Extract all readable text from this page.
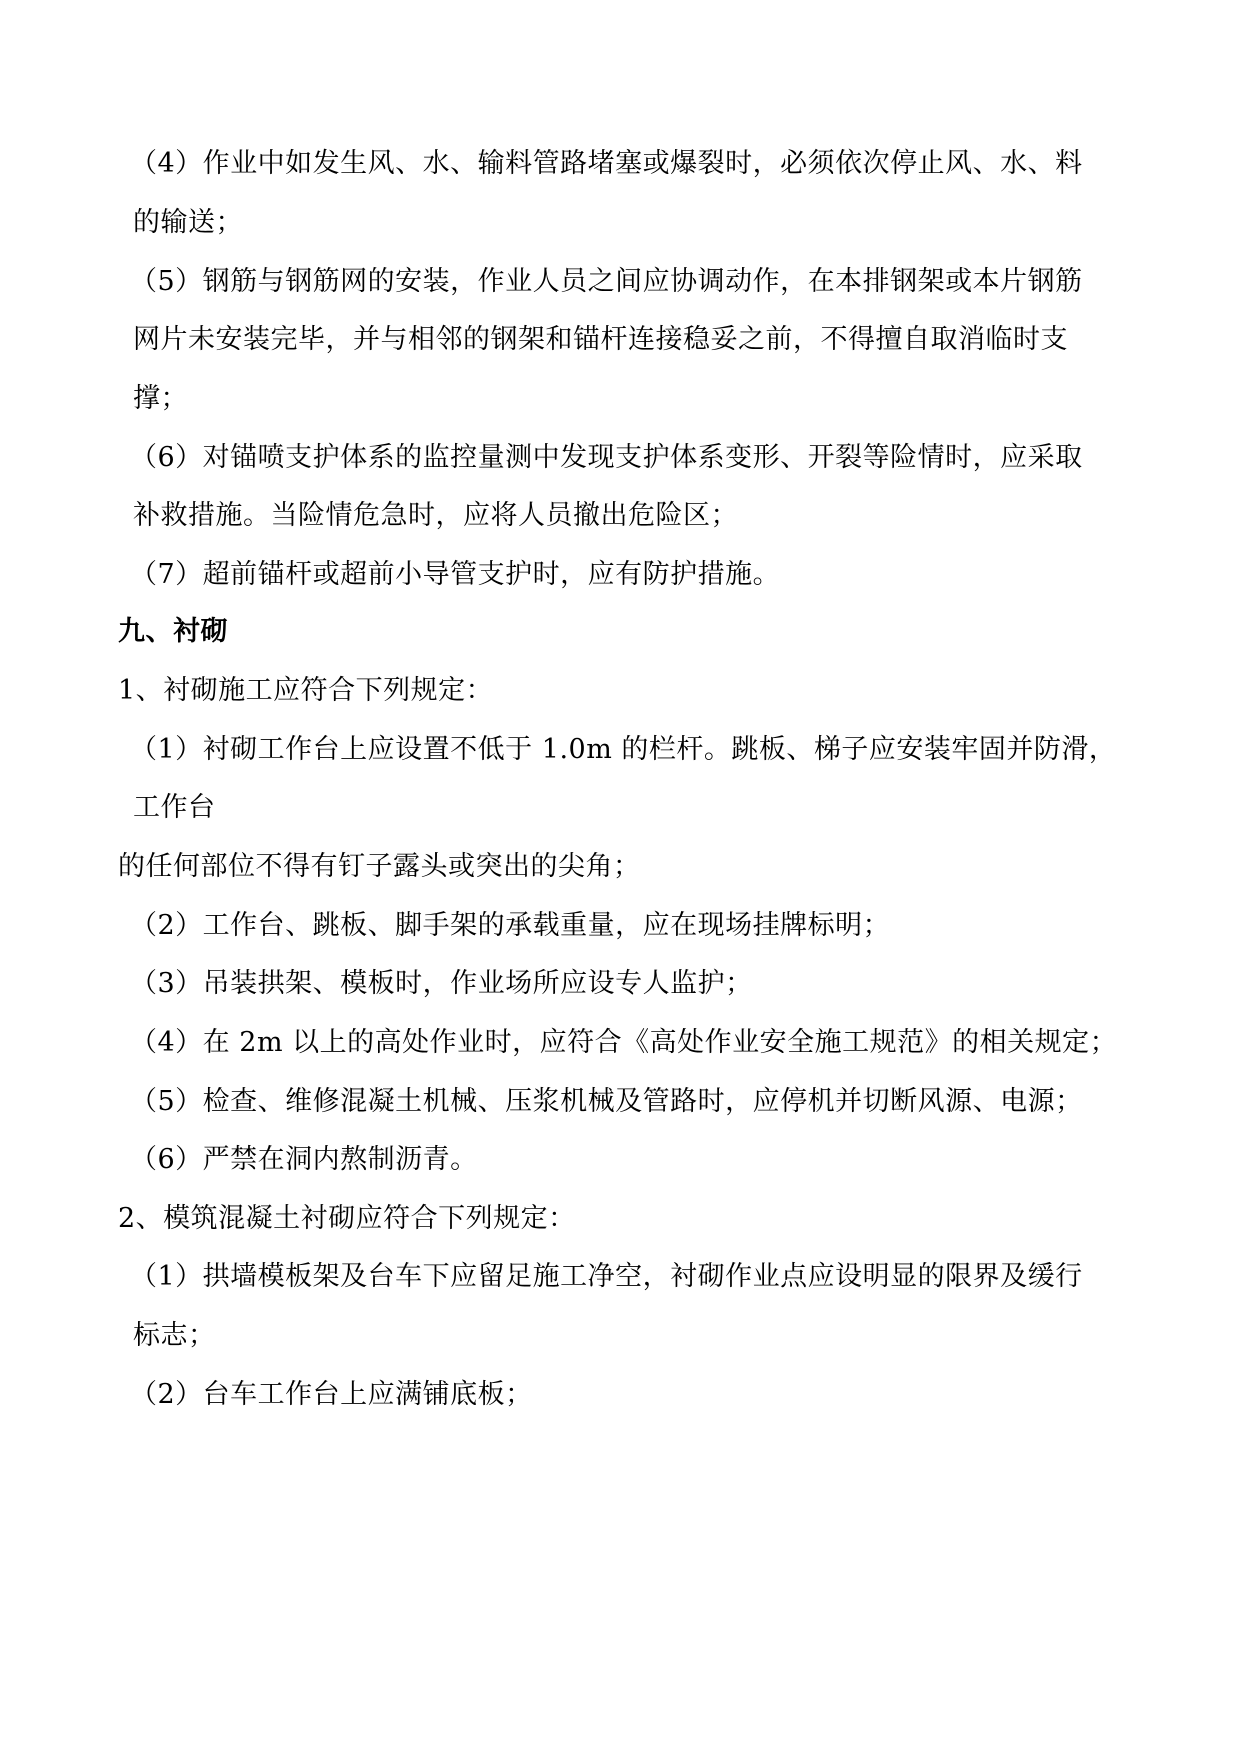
（4）作业中如发生风、水、输料管路堵塞或爆裂时，必须依次停止风、水、料
的输送；
（5）钢筋与钢筋网的安装，作业人员之间应协调动作，在本排钢架或本片钢筋
网片未安装完毕，并与相邻的钢架和锚杆连接稳妥之前，不得擅自取消临时支
撑；
（6）对锚喷支护体系的监控量测中发现支护体系变形、开裂等险情时，应采取
补救措施。当险情危急时，应将人员撤出危险区；
（7）超前锚杆或超前小导管支护时，应有防护措施。
九、衬砌
1、衬砌施工应符合下列规定：
（1）衬砌工作台上应设置不低于 1.0m 的栏杆。跳板、梯子应安装牢固并防滑，
工作台
的任何部位不得有钉子露头或突出的尖角；
（2）工作台、跳板、脚手架的承载重量，应在现场挂牌标明；
（3）吊装拱架、模板时，作业场所应设专人监护；
（4）在 2m 以上的高处作业时，应符合《高处作业安全施工规范》的相关规定；
（5）检查、维修混凝土机械、压浆机械及管路时，应停机并切断风源、电源；
（6）严禁在洞内熬制沥青。
2、模筑混凝土衬砌应符合下列规定：
（1）拱墙模板架及台车下应留足施工净空，衬砌作业点应设明显的限界及缓行
标志；
（2）台车工作台上应满铺底板；
